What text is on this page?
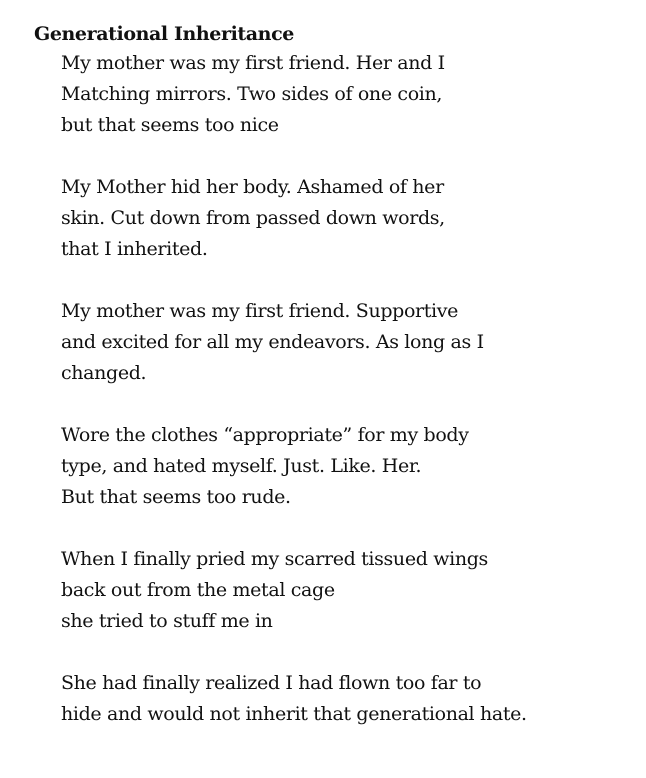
Generational Inheritance
My mother was my first friend. Her and I
Matching mirrors. Two sides of one coin,
but that seems too nice
My Mother hid her body. Ashamed of her
skin. Cut down from passed down words,
that I inherited.
My mother was my first friend. Supportive
and excited for all my endeavors. As long as I
changed.
Wore the clothes “appropriate” for my body
type, and hated myself. Just. Like. Her.
But that seems too rude.
When I finally pried my scarred tissued wings
back out from the metal cage
she tried to stuff me in
She had finally realized I had flown too far to
hide and would not inherit that generational hate.
